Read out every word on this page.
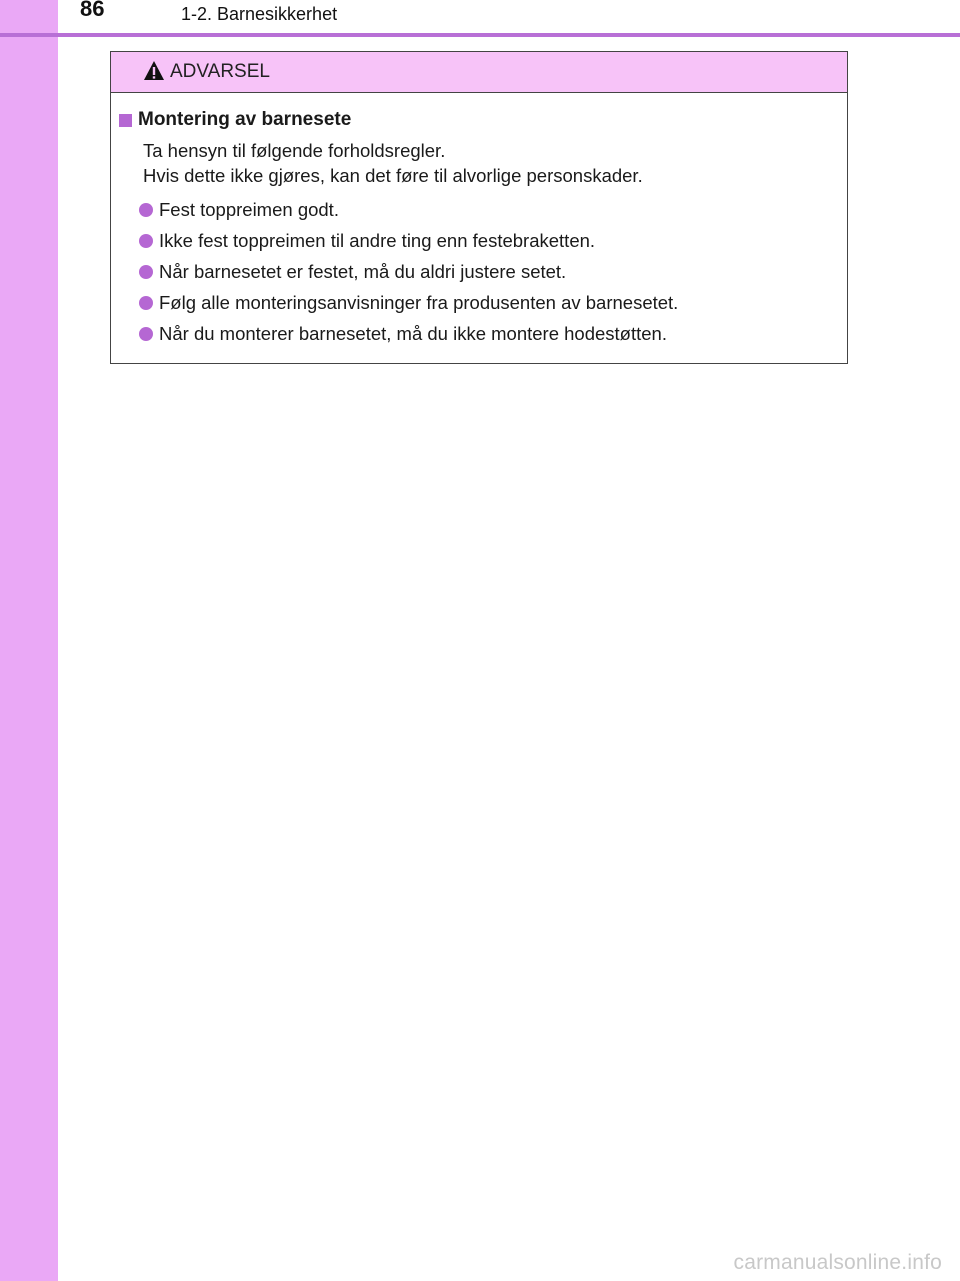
86	1-2. Barnesikkerhet
ADVARSEL
Montering av barnesete
Ta hensyn til følgende forholdsregler.
Hvis dette ikke gjøres, kan det føre til alvorlige personskader.
Fest toppreimen godt.
Ikke fest toppreimen til andre ting enn festebraketten.
Når barnesetet er festet, må du aldri justere setet.
Følg alle monteringsanvisninger fra produsenten av barnesetet.
Når du monterer barnesetet, må du ikke montere hodestøtten.
carmanualsonline.info
